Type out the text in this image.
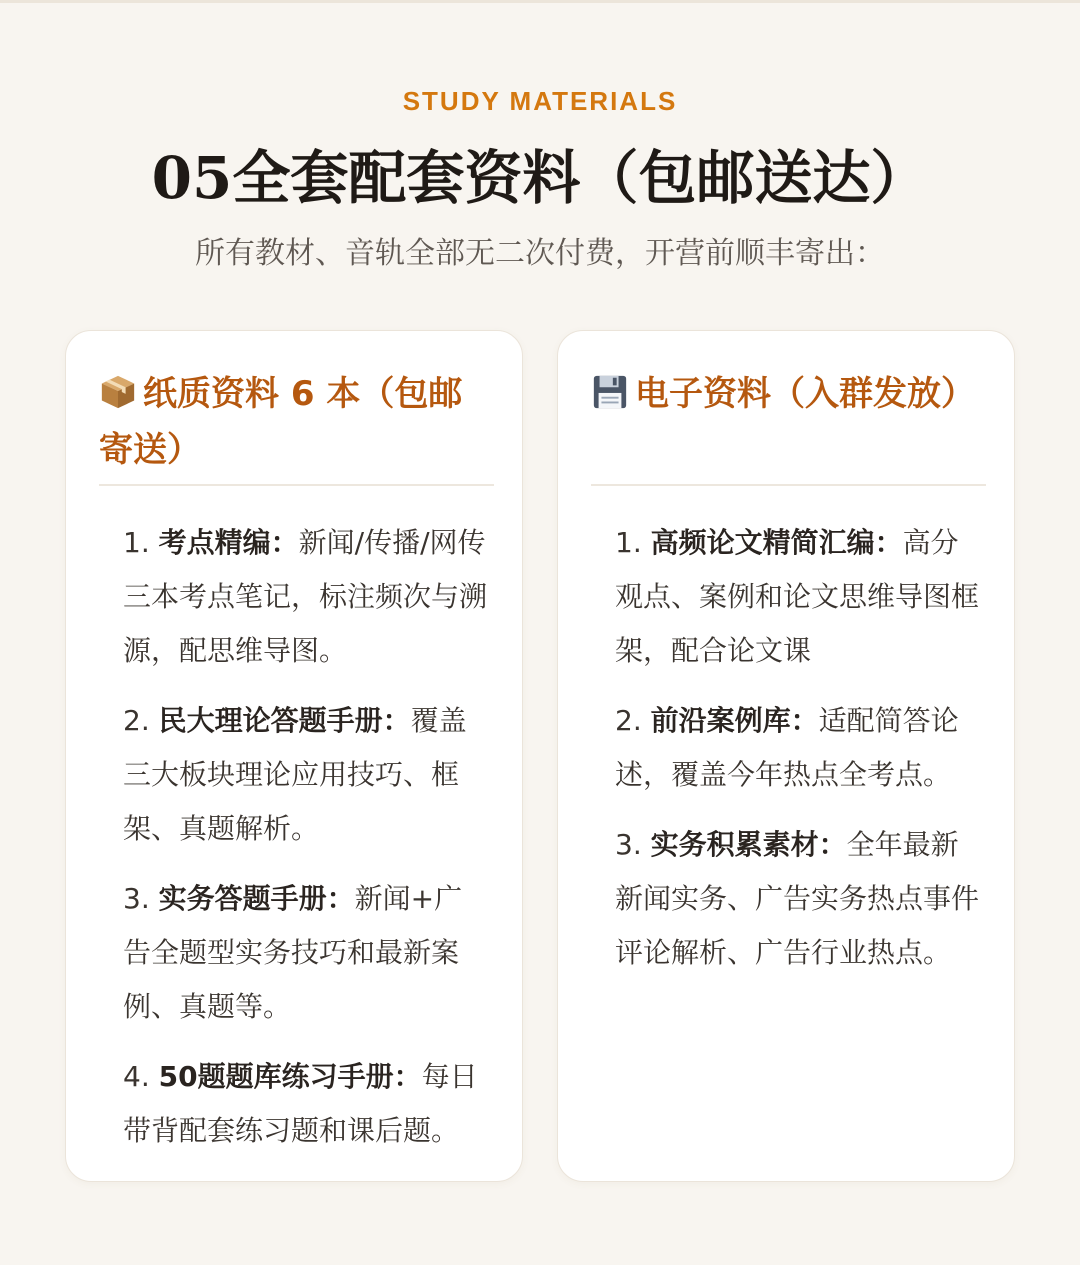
STUDY MATERIALS
05全套配套资料（包邮送达）
所有教材、音轨全部无二次付费，开营前顺丰寄出：
纸质资料 6 本（包邮寄送）
1. 考点精编：新闻/传播/网传三本考点笔记，标注频次与溯源，配思维导图。
2. 民大理论答题手册：覆盖三大板块理论应用技巧、框架、真题解析。
3. 实务答题手册：新闻+广告全题型实务技巧和最新案例、真题等。
4. 50题题库练习手册：每日带背配套练习题和课后题。
电子资料（入群发放）
1. 高频论文精简汇编：高分观点、案例和论文思维导图框架，配合论文课
2. 前沿案例库：适配简答论述，覆盖今年热点全考点。
3. 实务积累素材：全年最新新闻实务、广告实务热点事件评论解析、广告行业热点。
